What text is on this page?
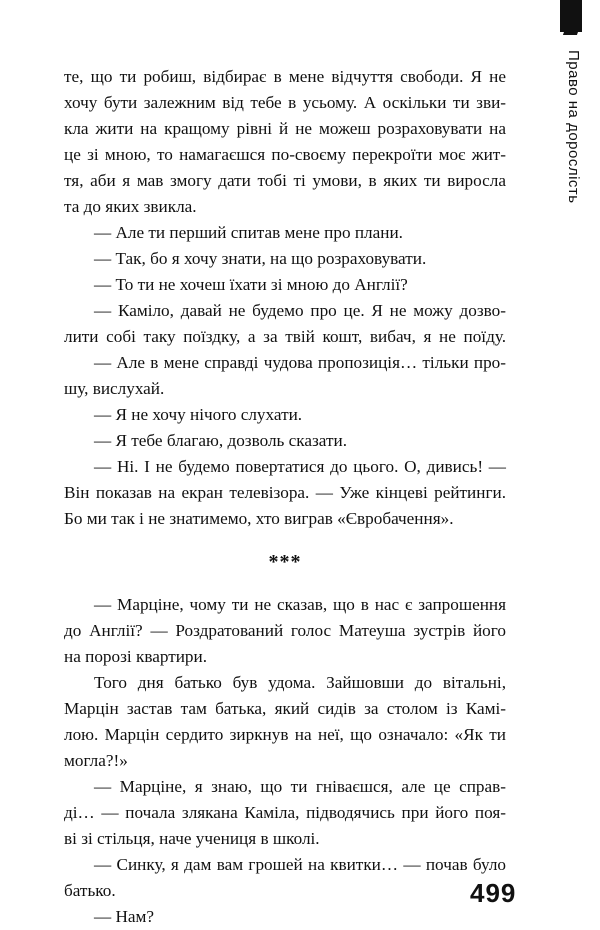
Право на дорослість
те, що ти робиш, відбирає в мене відчуття свободи. Я не
хочу бути залежним від тебе в усьому. А оскільки ти зви-
кла жити на кращому рівні й не можеш розраховувати на
це зі мною, то намагаєшся по-своєму перекроїти моє жит-
тя, аби я мав змогу дати тобі ті умови, в яких ти виросла
та до яких звикла.
— Але ти перший спитав мене про плани.
— Так, бо я хочу знати, на що розраховувати.
— То ти не хочеш їхати зі мною до Англії?
— Каміло, давай не будемо про це. Я не можу дозво-
лити собі таку поїздку, а за твій кошт, вибач, я не поїду.
— Але в мене справді чудова пропозиція… тільки про-
шу, вислухай.
— Я не хочу нічого слухати.
— Я тебе благаю, дозволь сказати.
— Ні. І не будемо повертатися до цього. О, дивись! —
Він показав на екран телевізора. — Уже кінцеві рейтинги.
Бо ми так і не знатимемо, хто виграв «Євробачення».
***
— Марціне, чому ти не сказав, що в нас є запрошення
до Англії? — Роздратований голос Матеуша зустрів його
на порозі квартири.
Того дня батько був удома. Зайшовши до вітальні,
Марцін застав там батька, який сидів за столом із Камі-
лою. Марцін сердито зиркнув на неї, що означало: «Як ти
могла?!»
— Марціне, я знаю, що ти гніваєшся, але це справ-
ді… — почала злякана Каміла, підводячись при його поя-
ві зі стільця, наче учениця в школі.
— Синку, я дам вам грошей на квитки… — почав було
батько.
— Нам?
499
